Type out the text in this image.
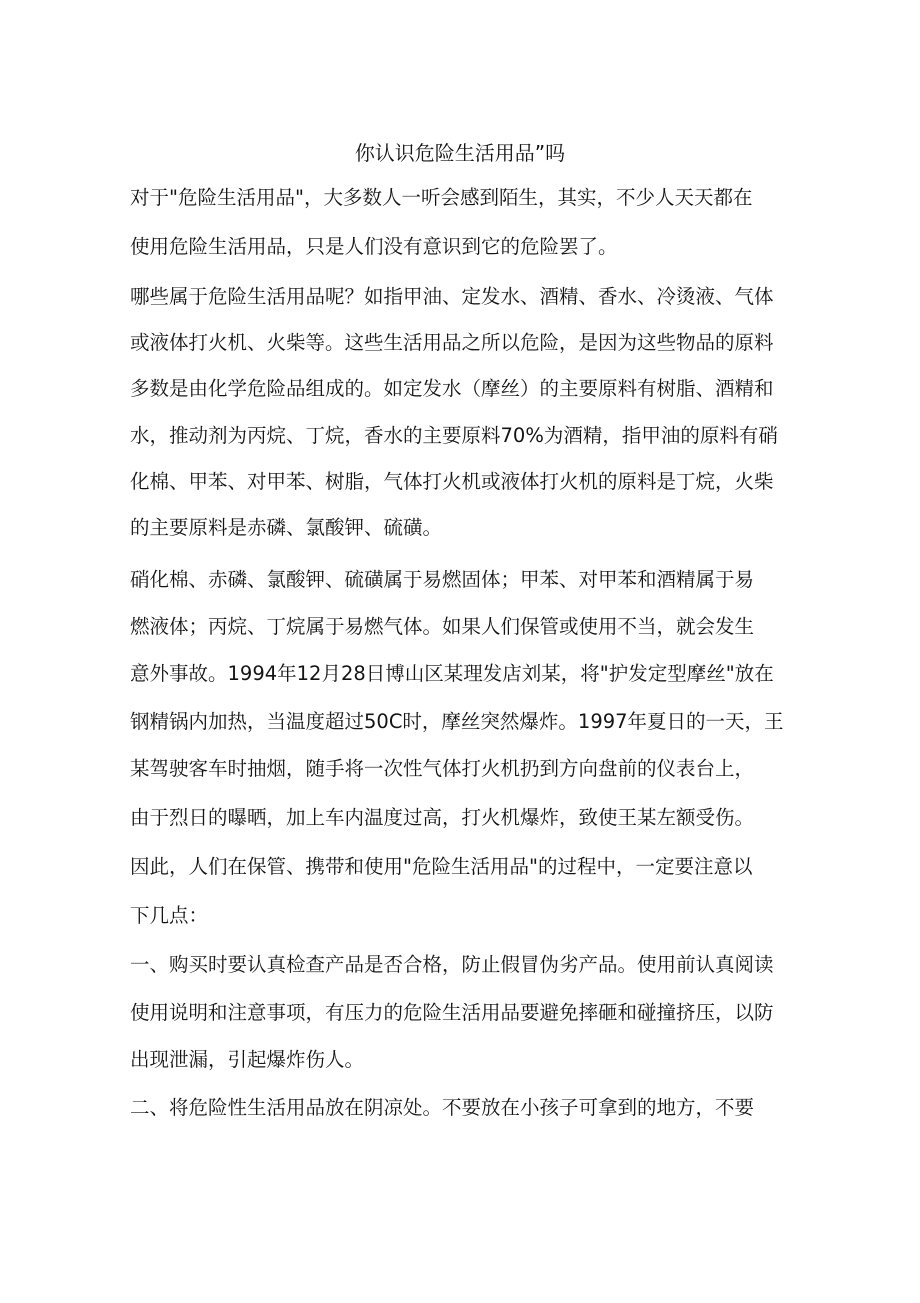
你认识危险生活用品”吗

对于"危险生活用品"，大多数人一听会感到陌生，其实，不少人天天都在

使用危险生活用品，只是人们没有意识到它的危险罢了。

哪些属于危险生活用品呢？如指甲油、定发水、酒精、香水、冷烫液、气体

或液体打火机、火柴等。这些生活用品之所以危险，是因为这些物品的原料

多数是由化学危险品组成的。如定发水（摩丝）的主要原料有树脂、酒精和

水，推动剂为丙烷、丁烷，香水的主要原料70%为酒精，指甲油的原料有硝

化棉、甲苯、对甲苯、树脂，气体打火机或液体打火机的原料是丁烷，火柴

的主要原料是赤磷、氯酸钾、硫磺。

硝化棉、赤磷、氯酸钾、硫磺属于易燃固体；甲苯、对甲苯和酒精属于易

燃液体；丙烷、丁烷属于易燃气体。如果人们保管或使用不当，就会发生

意外事故。1994年12月28日博山区某理发店刘某，将"护发定型摩丝"放在

钢精锅内加热，当温度超过50C时，摩丝突然爆炸。1997年夏日的一天，王

某驾驶客车时抽烟，随手将一次性气体打火机扔到方向盘前的仪表台上，

由于烈日的曝晒，加上车内温度过高，打火机爆炸，致使王某左额受伤。

因此，人们在保管、携带和使用"危险生活用品"的过程中，一定要注意以

下几点：

一、购买时要认真检查产品是否合格，防止假冒伪劣产品。使用前认真阅读

使用说明和注意事项，有压力的危险生活用品要避免摔砸和碰撞挤压，以防

出现泄漏，引起爆炸伤人。

二、将危险性生活用品放在阴凉处。不要放在小孩子可拿到的地方，不要
